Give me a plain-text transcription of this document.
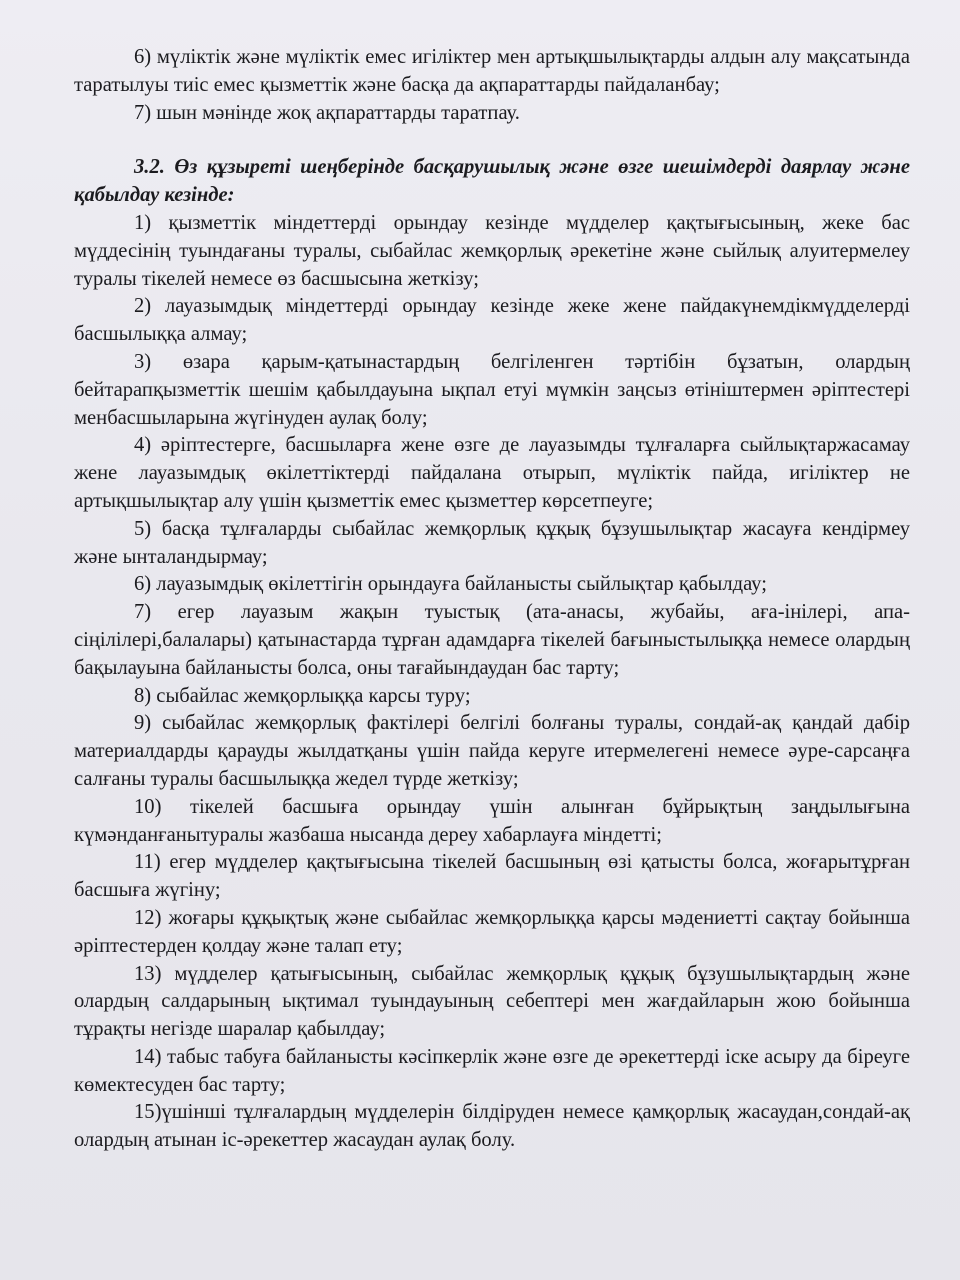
6) мүліктік және мүліктік емес игіліктер мен артықшылықтарды алдын алу мақсатында таратылуы тиіс емес қызметтік және басқа да ақпараттарды пайдаланбау;

7) шын мәнінде жоқ ақпараттарды таратпау.

3.2. Өз құзыреті шеңберінде басқарушылық және өзге шешімдерді даярлау және қабылдау кезінде:

1) қызметтік міндеттерді орындау кезінде мүдделер қақтығысының, жеке бас мүддесінің туындағаны туралы, сыбайлас жемқорлық әрекетіне және сыйлық алуитермелеу туралы тікелей немесе өз басшысына жеткізу;

2) лауазымдық міндеттерді орындау кезінде жеке жене пайдакүнемдікмүдделерді басшылыққа алмау;

3) өзара қарым-қатынастардың белгіленген тәртібін бұзатын, олардың бейтарапқызметтік шешім қабылдауына ықпал етуі мүмкін заңсыз өтініштермен әріптестері менбасшыларына жүгінуден аулақ болу;

4) әріптестерге, басшыларға жене өзге де лауазымды тұлғаларға сыйлықтаржасамау жене лауазымдық өкілеттіктерді пайдалана отырып, мүліктік пайда, игіліктер не артықшылықтар алу үшін қызметтік емес қызметтер көрсетпеуге;

5) басқа тұлғаларды сыбайлас жемқорлық құқық бұзушылықтар жасауға кендірмеу және ынталандырмау;

6) лауазымдық өкілеттігін орындауға байланысты сыйлықтар қабылдау;

7) егер лауазым жақын туыстық (ата-анасы, жубайы, аға-інілері, апа-сіңілілері,балалары) қатынастарда тұрған адамдарға тікелей бағыныстылыққа немесе олардың бақылауына байланысты болса, оны тағайындаудан бас тарту;

8) сыбайлас жемқорлыққа карсы туру;

9) сыбайлас жемқорлық фактілері белгілі болғаны туралы, сондай-ақ қандай дабір материалдарды қарауды жылдатқаны үшін пайда керуге итермелегені немесе әуре-сарсаңға салғаны туралы басшылыққа жедел түрде жеткізу;

10) тікелей басшыға орындау үшін алынған бұйрықтың заңдылығына күмәнданғанытуралы жазбаша нысанда дереу хабарлауға міндетті;

11) егер мүдделер қақтығысына тікелей басшының өзі қатысты болса, жоғарытұрған басшыға жүгіну;

12) жоғары құқықтық және сыбайлас жемқорлыққа қарсы мәдениетті сақтау бойынша әріптестерден қолдау және талап ету;

13) мүдделер қатығысының, сыбайлас жемқорлық құқық бұзушылықтардың және олардың салдарының ықтимал туындауының себептері мен жағдайларын жою бойынша тұрақты негізде шаралар қабылдау;

14) табыс табуға байланысты кәсіпкерлік және өзге де әрекеттерді іске асыру да біреуге көмектесуден бас тарту;

15)үшінші тұлғалардың мүдделерін білдіруден немесе қамқорлық жасаудан,сондай-ақ олардың атынан іс-әрекеттер жасаудан аулақ болу.
